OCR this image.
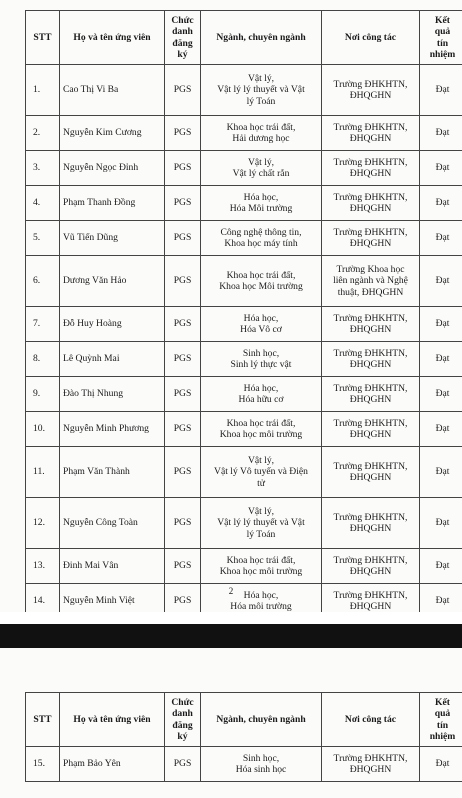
STT	Họ và tên ứng viên	Chức
danh
đăng
ký	Ngành, chuyên ngành	Nơi công tác	Kết
quả
tín
nhiệm

1.	Cao Thị Vi Ba	PGS	Vật lý,
Vật lý lý thuyết và Vật
lý Toán	Trường ĐHKHTN,
ĐHQGHN	Đạt
2.	Nguyễn Kim Cương	PGS	Khoa học trái đất,
Hải dương học	Trường ĐHKHTN,
ĐHQGHN	Đạt
3.	Nguyễn Ngọc Đỉnh	PGS	Vật lý,
Vật lý chất rắn	Trường ĐHKHTN,
ĐHQGHN	Đạt
4.	Phạm Thanh Đồng	PGS	Hóa học,
Hóa Môi trường	Trường ĐHKHTN,
ĐHQGHN	Đạt
5.	Vũ Tiến Dũng	PGS	Công nghệ thông tin,
Khoa học máy tính	Trường ĐHKHTN,
ĐHQGHN	Đạt
6.	Dương Văn Hảo	PGS	Khoa học trái đất,
Khoa học Môi trường	Trường Khoa học
liên ngành và Nghệ
thuật, ĐHQGHN	Đạt
7.	Đỗ Huy Hoàng	PGS	Hóa học,
Hóa Vô cơ	Trường ĐHKHTN,
ĐHQGHN	Đạt
8.	Lê Quỳnh Mai	PGS	Sinh học,
Sinh lý thực vật	Trường ĐHKHTN,
ĐHQGHN	Đạt
9.	Đào Thị Nhung	PGS	Hóa học,
Hóa hữu cơ	Trường ĐHKHTN,
ĐHQGHN	Đạt
10.	Nguyễn Minh Phương	PGS	Khoa học trái đất,
Khoa học môi trường	Trường ĐHKHTN,
ĐHQGHN	Đạt
11.	Phạm Văn Thành	PGS	Vật lý,
Vật lý Vô tuyến và Điện
tử	Trường ĐHKHTN,
ĐHQGHN	Đạt
12.	Nguyễn Công Toàn	PGS	Vật lý,
Vật lý lý thuyết và Vật
lý Toán	Trường ĐHKHTN,
ĐHQGHN	Đạt
13.	Đinh Mai Vân	PGS	Khoa học trái đất,
Khoa học môi trường	Trường ĐHKHTN,
ĐHQGHN	Đạt
14.	Nguyễn Minh Việt	PGS	Hóa học,
Hóa môi trường	Trường ĐHKHTN,
ĐHQGHN	Đạt
2
STT	Họ và tên ứng viên	Chức
danh
đăng
ký	Ngành, chuyên ngành	Nơi công tác	Kết
quả
tín
nhiệm

15.	Phạm Bảo Yên	PGS	Sinh học,
Hóa sinh học	Trường ĐHKHTN,
ĐHQGHN	Đạt
